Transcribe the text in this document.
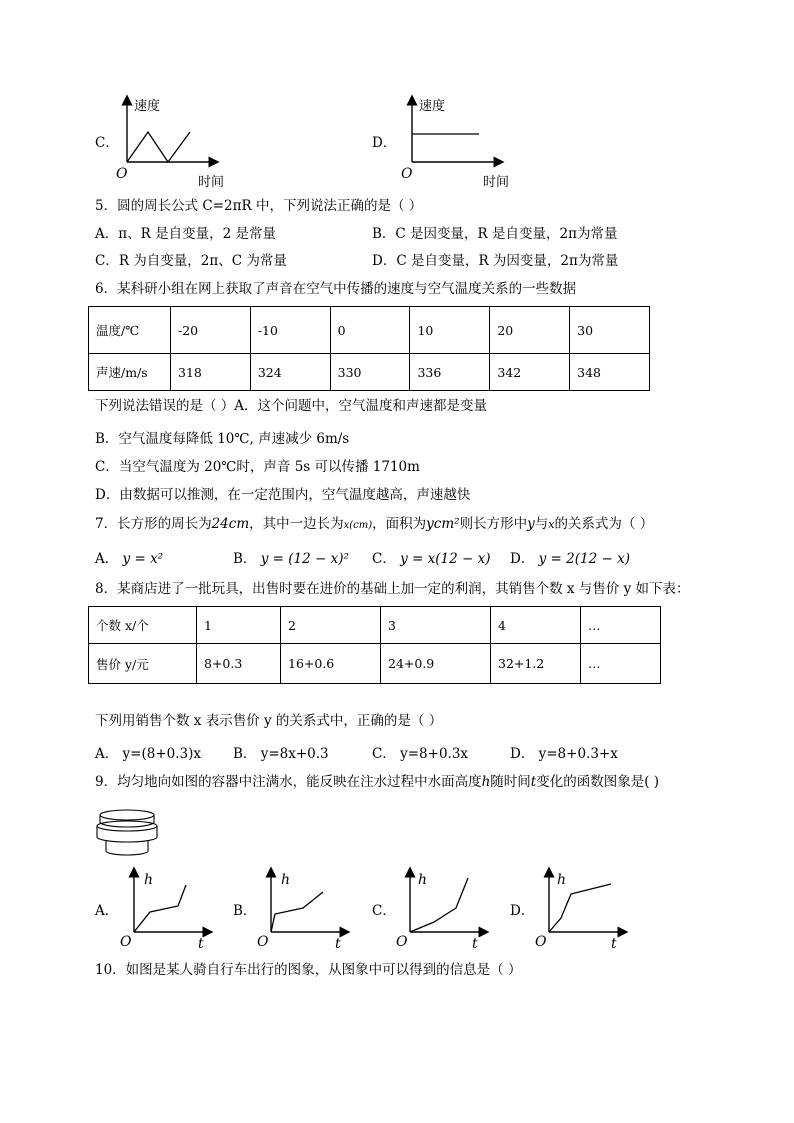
C．
速度
时间
O
D．
速度
时间
O
5．圆的周长公式 C=2πR 中，下列说法正确的是（ ）
A．π、R 是自变量，2 是常量	B．C 是因变量，R 是自变量，2π为常量
C．R 为自变量，2π、C 为常量	D．C 是自变量，R 为因变量，2π为常量
6．某科研小组在网上获取了声音在空气中传播的速度与空气温度关系的一些数据
温度/℃	-20	-10	0	10	20	30
声速/m/s	318	324	330	336	342	348
下列说法错误的是（ ）A．这个问题中，空气温度和声速都是变量
B．空气温度每降低 10℃, 声速减少 6m/s
C．当空气温度为 20℃时，声音 5s 可以传播 1710m
D．由数据可以推测，在一定范围内，空气温度越高，声速越快
7．长方形的周长为24cm，其中一边长为x(cm)，面积为ycm²则长方形中y与x的关系式为（ ）
A． y = x²	B． y = (12 − x)² C． y = x(12 − x) D． y = 2(12 − x)
8．某商店进了一批玩具，出售时要在进价的基础上加一定的利润，其销售个数 x 与售价 y 如下表：
个数 x/个	1	2	3	4	…
售价 y/元	8+0.3	16+0.6	24+0.9	32+1.2	…
下列用销售个数 x 表示售价 y 的关系式中，正确的是（ ）
A． y=(8+0.3)x B． y=8x+0.3	C． y=8+0.3x	D． y=8+0.3+x
9．均匀地向如图的容器中注满水，能反映在注水过程中水面高度h随时间t变化的函数图象是( )
A．
h
t
O
B．
h
t
O
C．
h
t
O
D．
h
t
O
10．如图是某人骑自行车出行的图象，从图象中可以得到的信息是（ ）
